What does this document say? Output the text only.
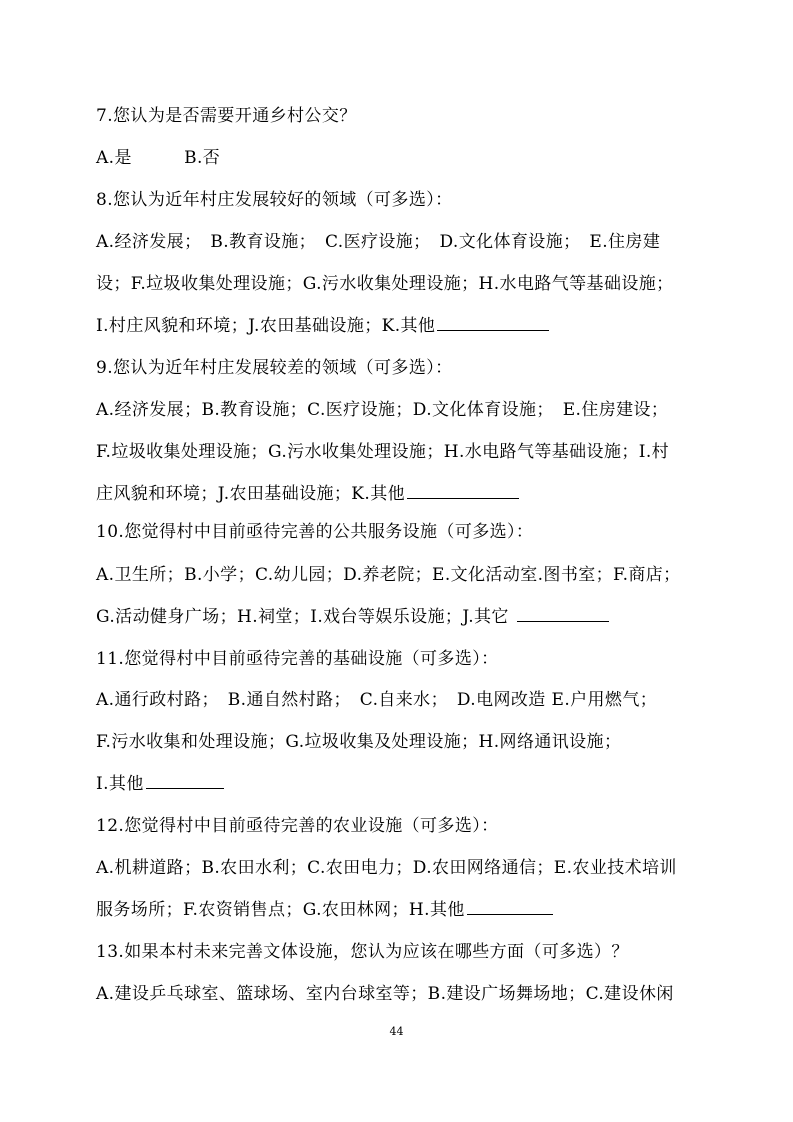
7.您认为是否需要开通乡村公交？
A.是　　　B.否
8.您认为近年村庄发展较好的领域（可多选）：
A.经济发展；　B.教育设施；　C.医疗设施；　D.文化体育设施；　E.住房建
设；F.垃圾收集处理设施；G.污水收集处理设施；H.水电路气等基础设施；
I.村庄风貌和环境；J.农田基础设施；K.其他
9.您认为近年村庄发展较差的领域（可多选）：
A.经济发展；B.教育设施；C.医疗设施；D.文化体育设施；　E.住房建设；
F.垃圾收集处理设施；G.污水收集处理设施；H.水电路气等基础设施；I.村
庄风貌和环境；J.农田基础设施；K.其他
10.您觉得村中目前亟待完善的公共服务设施（可多选）：
A.卫生所；B.小学；C.幼儿园；D.养老院；E.文化活动室.图书室；F.商店；
G.活动健身广场；H.祠堂；I.戏台等娱乐设施；J.其它
11.您觉得村中目前亟待完善的基础设施（可多选）：
A.通行政村路；　B.通自然村路；　C.自来水；　D.电网改造 E.户用燃气；
F.污水收集和处理设施；G.垃圾收集及处理设施；H.网络通讯设施；
I.其他
12.您觉得村中目前亟待完善的农业设施（可多选）：
A.机耕道路；B.农田水利；C.农田电力；D.农田网络通信；E.农业技术培训
服务场所；F.农资销售点；G.农田林网；H.其他
13.如果本村未来完善文体设施，您认为应该在哪些方面（可多选）？
A.建设乒乓球室、篮球场、室内台球室等；B.建设广场舞场地；C.建设休闲
44
